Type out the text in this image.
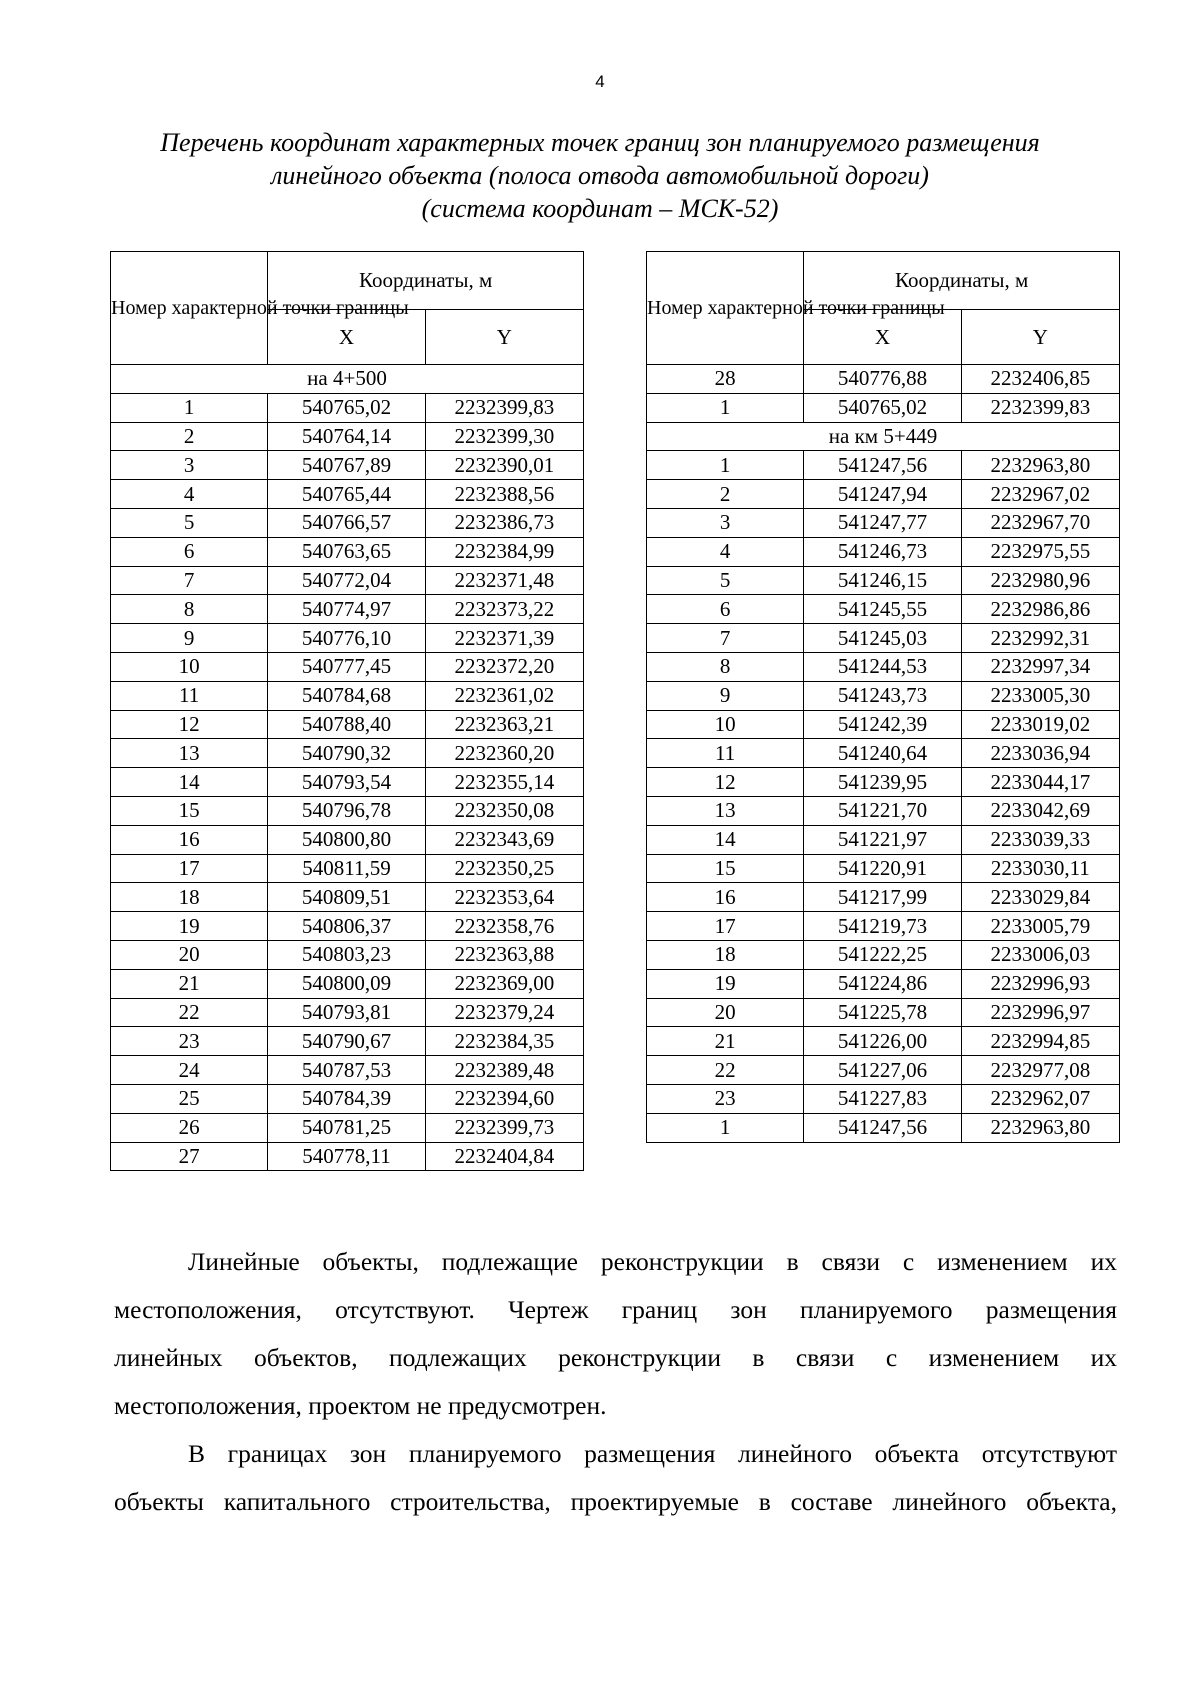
4
Перечень координат характерных точек границ зон планируемого размещения
линейного объекта (полоса отвода автомобильной дороги)
(система координат – МСК-52)
Номер характерной точки границы	Координаты, м	
	X	Y
на 4+500		
1	540765,02	2232399,83
2	540764,14	2232399,30
3	540767,89	2232390,01
4	540765,44	2232388,56
5	540766,57	2232386,73
6	540763,65	2232384,99
7	540772,04	2232371,48
8	540774,97	2232373,22
9	540776,10	2232371,39
10	540777,45	2232372,20
11	540784,68	2232361,02
12	540788,40	2232363,21
13	540790,32	2232360,20
14	540793,54	2232355,14
15	540796,78	2232350,08
16	540800,80	2232343,69
17	540811,59	2232350,25
18	540809,51	2232353,64
19	540806,37	2232358,76
20	540803,23	2232363,88
21	540800,09	2232369,00
22	540793,81	2232379,24
23	540790,67	2232384,35
24	540787,53	2232389,48
25	540784,39	2232394,60
26	540781,25	2232399,73
27	540778,11	2232404,84
Номер характерной точки границы	Координаты, м	
	X	Y
28	540776,88	2232406,85
1	540765,02	2232399,83
на км 5+449		
1	541247,56	2232963,80
2	541247,94	2232967,02
3	541247,77	2232967,70
4	541246,73	2232975,55
5	541246,15	2232980,96
6	541245,55	2232986,86
7	541245,03	2232992,31
8	541244,53	2232997,34
9	541243,73	2233005,30
10	541242,39	2233019,02
11	541240,64	2233036,94
12	541239,95	2233044,17
13	541221,70	2233042,69
14	541221,97	2233039,33
15	541220,91	2233030,11
16	541217,99	2233029,84
17	541219,73	2233005,79
18	541222,25	2233006,03
19	541224,86	2232996,93
20	541225,78	2232996,97
21	541226,00	2232994,85
22	541227,06	2232977,08
23	541227,83	2232962,07
1	541247,56	2232963,80
Линейные объекты, подлежащие реконструкции в связи с изменением их
местоположения, отсутствуют. Чертеж границ зон планируемого размещения
линейных объектов, подлежащих реконструкции в связи с изменением их
местоположения, проектом не предусмотрен.
В границах зон планируемого размещения линейного объекта отсутствуют
объекты капитального строительства, проектируемые в составе линейного объекта,
